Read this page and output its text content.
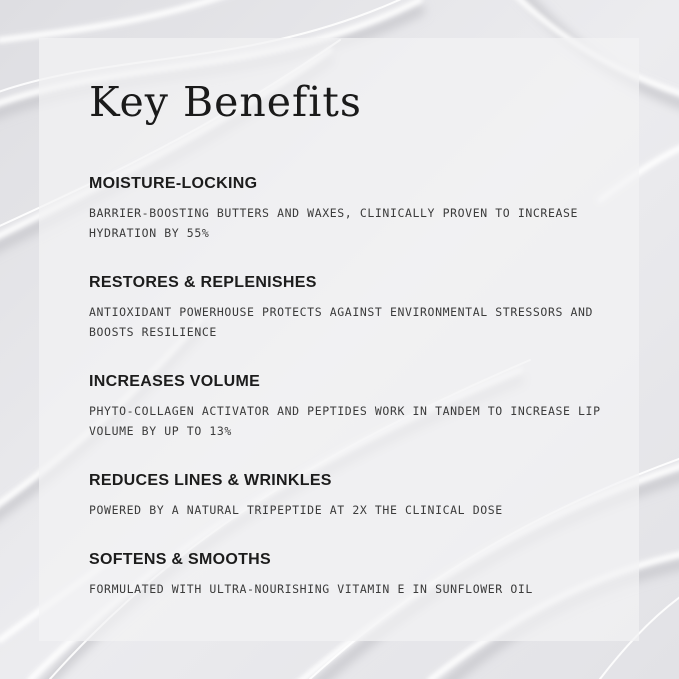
Key Benefits
MOISTURE-LOCKING

BARRIER-BOOSTING BUTTERS AND WAXES, CLINICALLY PROVEN TO INCREASE HYDRATION BY 55%

RESTORES & REPLENISHES

ANTIOXIDANT POWERHOUSE PROTECTS AGAINST ENVIRONMENTAL STRESSORS AND BOOSTS RESILIENCE

INCREASES VOLUME

PHYTO-COLLAGEN ACTIVATOR AND PEPTIDES WORK IN TANDEM TO INCREASE LIP VOLUME BY UP TO 13%

REDUCES LINES & WRINKLES

POWERED BY A NATURAL TRIPEPTIDE AT 2X THE CLINICAL DOSE

SOFTENS & SMOOTHS

FORMULATED WITH ULTRA-NOURISHING VITAMIN E IN SUNFLOWER OIL
